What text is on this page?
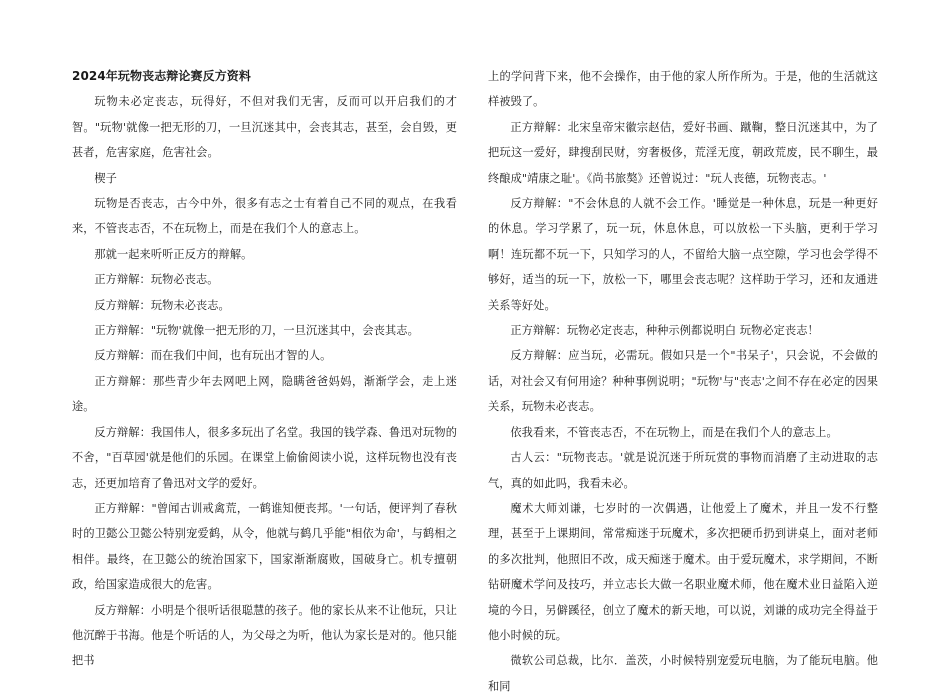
2024年玩物丧志辩论赛反方资料

玩物未必定丧志，玩得好，不但对我们无害，反而可以开启我们的才智。"玩物'就像一把无形的刀，一旦沉迷其中，会丧其志，甚至，会自毁，更甚者，危害家庭，危害社会。

楔子

玩物是否丧志，古今中外，很多有志之士有着自己不同的观点，在我看来，不管丧志否，不在玩物上，而是在我们个人的意志上。

那就一起来听听正反方的辩解。

正方辩解：玩物必丧志。

反方辩解：玩物未必丧志。

正方辩解："玩物'就像一把无形的刀，一旦沉迷其中，会丧其志。

反方辩解：而在我们中间，也有玩出才智的人。

正方辩解：那些青少年去网吧上网，隐瞒爸爸妈妈，渐渐学会，走上迷途。

反方辩解：我国伟人，很多多玩出了名堂。我国的钱学森、鲁迅对玩物的不舍，"百草园'就是他们的乐园。在课堂上偷偷阅读小说，这样玩物也没有丧志，还更加培育了鲁迅对文学的爱好。

正方辩解："曾闻古训戒禽荒，一鹤谁知便丧邦。'一句话，便评判了春秋时的卫懿公卫懿公特别宠爱鹤，从令，他就与鹤几乎能"相依为命'，与鹤相之相伴。最终，在卫懿公的统治国家下，国家渐渐腐败，国破身亡。机专擅朝政，给国家造成很大的危害。

反方辩解：小明是个很听话很聪慧的孩子。他的家长从来不让他玩，只让他沉醉于书海。他是个听话的人，为父母之为听，他认为家长是对的。他只能把书

上的学问背下来，他不会操作，由于他的家人所作所为。于是，他的生活就这样被毁了。

正方辩解：北宋皇帝宋徽宗赵佶，爱好书画、蹴鞠，整日沉迷其中，为了把玩这一爱好，肆搜刮民财，穷奢极侈，荒淫无度，朝政荒废，民不聊生，最终酿成"靖康之耻'。《尚书旅獒》还曾说过："玩人丧德，玩物丧志。'

反方辩解："不会休息的人就不会工作。'睡觉是一种休息，玩是一种更好的休息。学习学累了，玩一玩，休息休息，可以放松一下头脑，更利于学习啊！连玩都不玩一下，只知学习的人，不留给大脑一点空隙，学习也会学得不够好，适当的玩一下，放松一下，哪里会丧志呢？这样助于学习，还和友通进关系等好处。

正方辩解：玩物必定丧志，种种示例都说明白 玩物必定丧志！

反方辩解：应当玩，必需玩。假如只是一个"书呆子'，只会说，不会做的话，对社会又有何用途？种种事例说明；"玩物'与"丧志'之间不存在必定的因果关系，玩物未必丧志。

依我看来，不管丧志否，不在玩物上，而是在我们个人的意志上。

古人云："玩物丧志。'就是说沉迷于所玩赏的事物而消磨了主动进取的志气，真的如此吗，我看未必。

魔术大师刘谦，七岁时的一次偶遇，让他爱上了魔术，并且一发不行整理，甚至于上课期间，常常痴迷于玩魔术，多次把硬币扔到讲桌上，面对老师的多次批判，他照旧不改，成天痴迷于魔术。由于爱玩魔术，求学期间，不断钻研魔术学问及技巧，并立志长大做一名职业魔术师，他在魔术业日益陷入逆境的今日，另僻蹊径，创立了魔术的新天地，可以说，刘谦的成功完全得益于他小时候的玩。

微软公司总裁，比尔．盖茨，小时候特别宠爱玩电脑，为了能玩电脑。他和同
